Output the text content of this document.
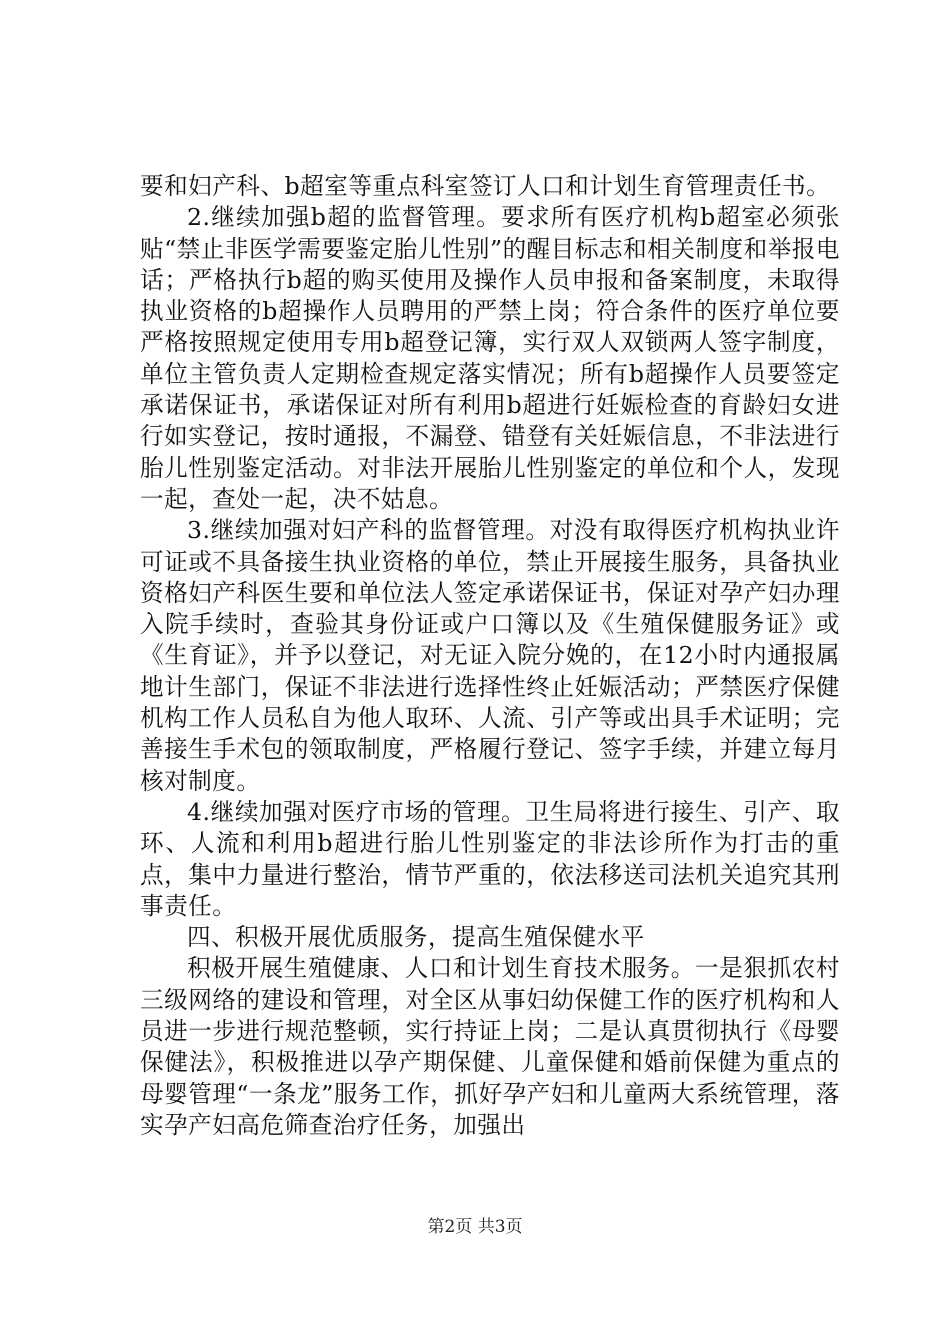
要和妇产科、b超室等重点科室签订人口和计划生育管理责任书。

2.继续加强b超的监督管理。要求所有医疗机构b超室必须张贴“禁止非医学需要鉴定胎儿性别”的醒目标志和相关制度和举报电话；严格执行b超的购买使用及操作人员申报和备案制度，未取得执业资格的b超操作人员聘用的严禁上岗；符合条件的医疗单位要严格按照规定使用专用b超登记簿，实行双人双锁两人签字制度，单位主管负责人定期检查规定落实情况；所有b超操作人员要签定承诺保证书，承诺保证对所有利用b超进行妊娠检查的育龄妇女进行如实登记，按时通报，不漏登、错登有关妊娠信息，不非法进行胎儿性别鉴定活动。对非法开展胎儿性别鉴定的单位和个人，发现一起，查处一起，决不姑息。

3.继续加强对妇产科的监督管理。对没有取得医疗机构执业许可证或不具备接生执业资格的单位，禁止开展接生服务，具备执业资格妇产科医生要和单位法人签定承诺保证书，保证对孕产妇办理入院手续时，查验其身份证或户口簿以及《生殖保健服务证》或《生育证》，并予以登记，对无证入院分娩的，在12小时内通报属地计生部门，保证不非法进行选择性终止妊娠活动；严禁医疗保健机构工作人员私自为他人取环、人流、引产等或出具手术证明；完善接生手术包的领取制度，严格履行登记、签字手续，并建立每月核对制度。

4.继续加强对医疗市场的管理。卫生局将进行接生、引产、取环、人流和利用b超进行胎儿性别鉴定的非法诊所作为打击的重点，集中力量进行整治，情节严重的，依法移送司法机关追究其刑事责任。

四、积极开展优质服务，提高生殖保健水平

积极开展生殖健康、人口和计划生育技术服务。一是狠抓农村三级网络的建设和管理，对全区从事妇幼保健工作的医疗机构和人员进一步进行规范整顿，实行持证上岗；二是认真贯彻执行《母婴保健法》，积极推进以孕产期保健、儿童保健和婚前保健为重点的母婴管理“一条龙”服务工作，抓好孕产妇和儿童两大系统管理，落实孕产妇高危筛查治疗任务，加强出

第2页 共3页
